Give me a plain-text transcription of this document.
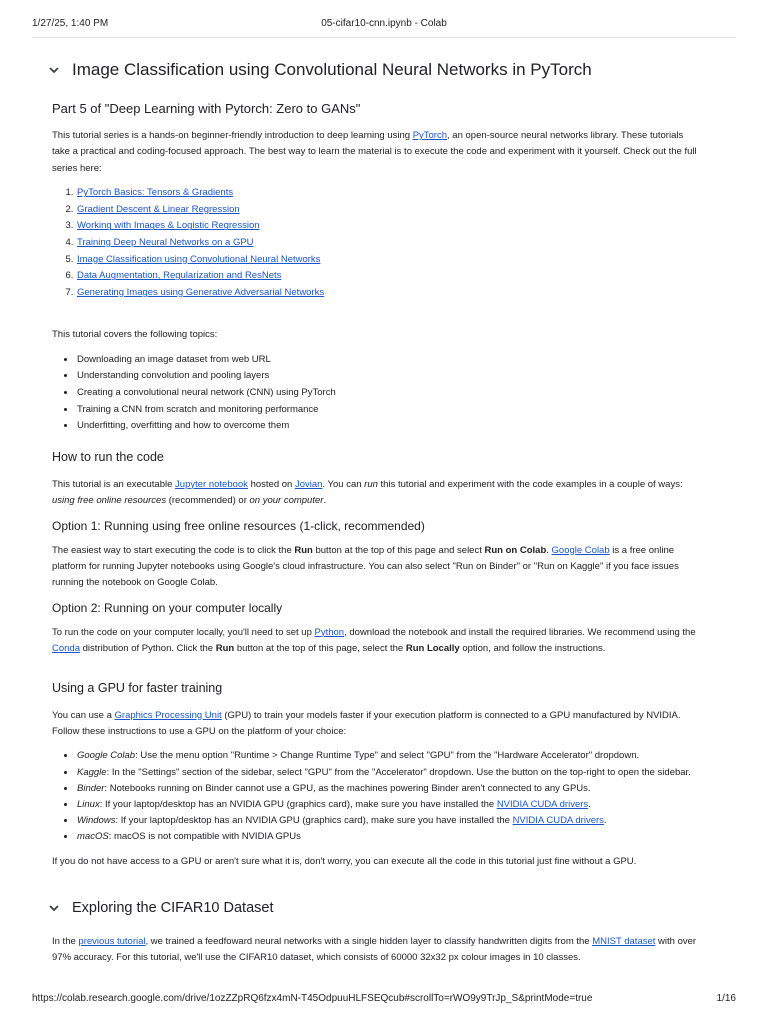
1/27/25, 1:40 PM	05-cifar10-cnn.ipynb - Colab
Image Classification using Convolutional Neural Networks in PyTorch
Part 5 of "Deep Learning with Pytorch: Zero to GANs"

This tutorial series is a hands-on beginner-friendly introduction to deep learning using PyTorch, an open-source neural networks library. These tutorials take a practical and coding-focused approach. The best way to learn the material is to execute the code and experiment with it yourself. Check out the full series here:

1. PyTorch Basics: Tensors & Gradients
2. Gradient Descent & Linear Regression
3. Working with Images & Logistic Regression
4. Training Deep Neural Networks on a GPU
5. Image Classification using Convolutional Neural Networks
6. Data Augmentation, Regularization and ResNets
7. Generating Images using Generative Adversarial Networks

This tutorial covers the following topics:

• Downloading an image dataset from web URL
• Understanding convolution and pooling layers
• Creating a convolutional neural network (CNN) using PyTorch
• Training a CNN from scratch and monitoring performance
• Underfitting, overfitting and how to overcome them
How to run the code

This tutorial is an executable Jupyter notebook hosted on Jovian. You can run this tutorial and experiment with the code examples in a couple of ways: using free online resources (recommended) or on your computer.

Option 1: Running using free online resources (1-click, recommended)

The easiest way to start executing the code is to click the Run button at the top of this page and select Run on Colab. Google Colab is a free online platform for running Jupyter notebooks using Google's cloud infrastructure. You can also select "Run on Binder" or "Run on Kaggle" if you face issues running the notebook on Google Colab.

Option 2: Running on your computer locally

To run the code on your computer locally, you'll need to set up Python, download the notebook and install the required libraries. We recommend using the Conda distribution of Python. Click the Run button at the top of this page, select the Run Locally option, and follow the instructions.

Using a GPU for faster training

You can use a Graphics Processing Unit (GPU) to train your models faster if your execution platform is connected to a GPU manufactured by NVIDIA. Follow these instructions to use a GPU on the platform of your choice:

• Google Colab: Use the menu option "Runtime > Change Runtime Type" and select "GPU" from the "Hardware Accelerator" dropdown.
• Kaggle: In the "Settings" section of the sidebar, select "GPU" from the "Accelerator" dropdown. Use the button on the top-right to open the sidebar.
• Binder: Notebooks running on Binder cannot use a GPU, as the machines powering Binder aren't connected to any GPUs.
• Linux: If your laptop/desktop has an NVIDIA GPU (graphics card), make sure you have installed the NVIDIA CUDA drivers.
• Windows: If your laptop/desktop has an NVIDIA GPU (graphics card), make sure you have installed the NVIDIA CUDA drivers.
• macOS: macOS is not compatible with NVIDIA GPUs

If you do not have access to a GPU or aren't sure what it is, don't worry, you can execute all the code in this tutorial just fine without a GPU.

Exploring the CIFAR10 Dataset

In the previous tutorial, we trained a feedfoward neural networks with a single hidden layer to classify handwritten digits from the MNIST dataset with over 97% accuracy. For this tutorial, we'll use the CIFAR10 dataset, which consists of 60000 32x32 px colour images in 10 classes.

https://colab.research.google.com/drive/1ozZZpRQ6fzx4mN-T45OdpuuHLFSEQcub#scrollTo=rWO9y9TrJp_S&printMode=true	1/16
